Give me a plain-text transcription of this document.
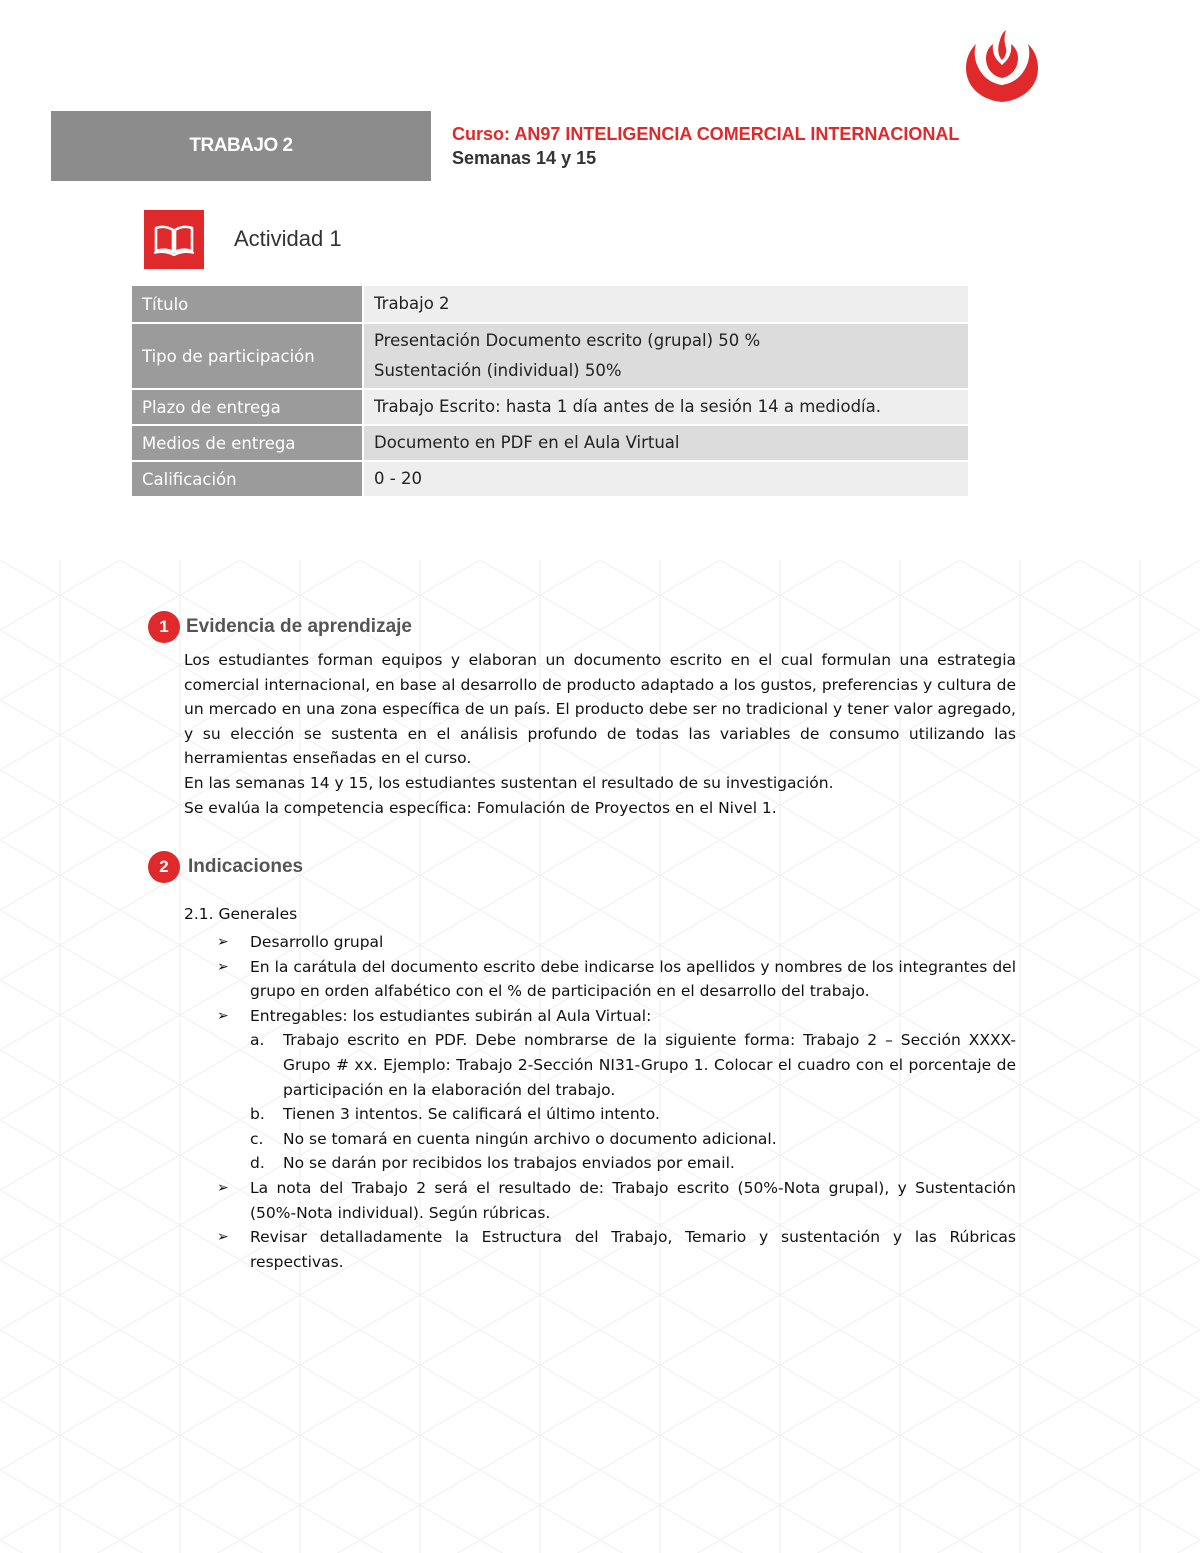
TRABAJO 2
Curso: AN97 INTELIGENCIA COMERCIAL INTERNACIONAL
Semanas 14 y 15
Actividad 1
Título	Trabajo 2

Tipo de participación	Presentación Documento escrito (grupal) 50 %
Sustentación (individual) 50%

Plazo de entrega	Trabajo Escrito: hasta 1 día antes de la sesión 14 a mediodía.

Medios de entrega	Documento en PDF en el Aula Virtual

Calificación	0 - 20
1 Evidencia de aprendizaje

Los estudiantes forman equipos y elaboran un documento escrito en el cual formulan una estrategia comercial internacional, en base al desarrollo de producto adaptado a los gustos, preferencias y cultura de un mercado en una zona específica de un país. El producto debe ser no tradicional y tener valor agregado, y su elección se sustenta en el análisis profundo de todas las variables de consumo utilizando las herramientas enseñadas en el curso.

En las semanas 14 y 15, los estudiantes sustentan el resultado de su investigación.

Se evalúa la competencia específica: Fomulación de Proyectos en el Nivel 1.

2	Indicaciones
2.1. Generales
➢	Desarrollo grupal
➢	En la carátula del documento escrito debe indicarse los apellidos y nombres de los integrantes del grupo en orden alfabético con el % de participación en el desarrollo del trabajo.
➢	Entregables: los estudiantes subirán al Aula Virtual:
a.	Trabajo escrito en PDF. Debe nombrarse de la siguiente forma: Trabajo 2 – Sección XXXX-Grupo # xx. Ejemplo: Trabajo 2-Sección NI31-Grupo 1. Colocar el cuadro con el porcentaje de participación en la elaboración del trabajo.
b.	Tienen 3 intentos. Se calificará el último intento.
c.	No se tomará en cuenta ningún archivo o documento adicional.
d.	No se darán por recibidos los trabajos enviados por email.
➢	La nota del Trabajo 2 será el resultado de: Trabajo escrito (50%-Nota grupal), y Sustentación (50%-Nota individual). Según rúbricas.
➢	Revisar detalladamente la Estructura del Trabajo, Temario y sustentación y las Rúbricas respectivas.
